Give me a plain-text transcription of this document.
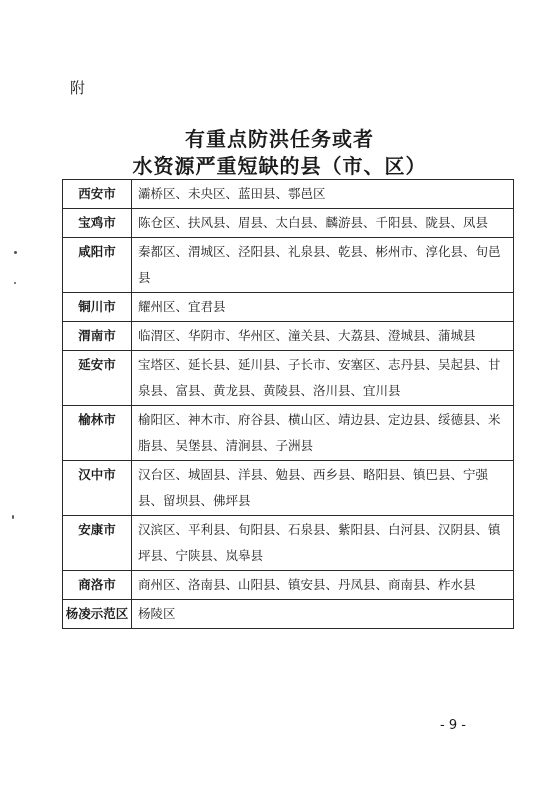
附
有重点防洪任务或者
水资源严重短缺的县（市、区）
西安市	灞桥区、未央区、蓝田县、鄠邑区
宝鸡市	陈仓区、扶风县、眉县、太白县、麟游县、千阳县、陇县、凤县
咸阳市	秦都区、渭城区、泾阳县、礼泉县、乾县、彬州市、淳化县、旬邑县
铜川市	耀州区、宜君县
渭南市	临渭区、华阴市、华州区、潼关县、大荔县、澄城县、蒲城县
延安市	宝塔区、延长县、延川县、子长市、安塞区、志丹县、吴起县、甘泉县、富县、黄龙县、黄陵县、洛川县、宜川县
榆林市	榆阳区、神木市、府谷县、横山区、靖边县、定边县、绥德县、米脂县、吴堡县、清涧县、子洲县
汉中市	汉台区、城固县、洋县、勉县、西乡县、略阳县、镇巴县、宁强县、留坝县、佛坪县
安康市	汉滨区、平利县、旬阳县、石泉县、紫阳县、白河县、汉阴县、镇坪县、宁陕县、岚皋县
商洛市	商州区、洛南县、山阳县、镇安县、丹凤县、商南县、柞水县
杨凌示范区	杨陵区
- 9 -
